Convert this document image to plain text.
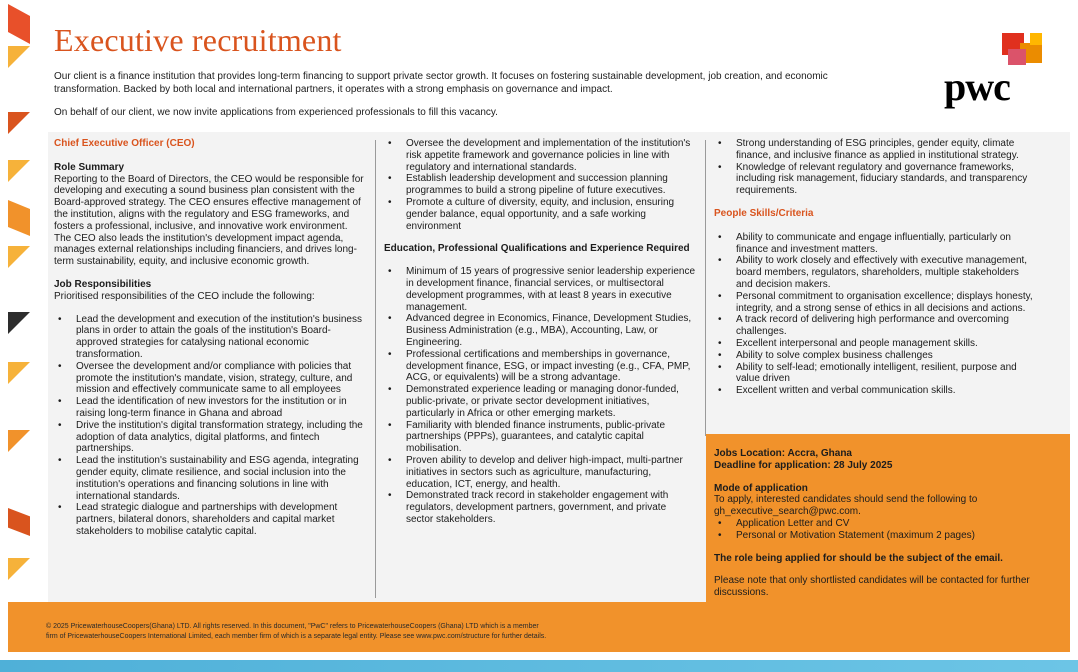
Executive recruitment

Our client is a finance institution that provides long-term financing to support private sector growth. It focuses on fostering sustainable development, job creation, and economic transformation. Backed by both local and international partners, it operates with a strong emphasis on governance and impact.

On behalf of our client, we now invite applications from experienced professionals to fill this vacancy.

pwc
Chief Executive Officer (CEO)
Role Summary

Reporting to the Board of Directors, the CEO would be responsible for developing and executing a sound business plan consistent with the Board-approved strategy. The CEO ensures effective management of the institution, aligns with the regulatory and ESG frameworks, and fosters a professional, inclusive, and innovative work environment. The CEO also leads the institution's development impact agenda, manages external relationships including financiers, and drives long-term sustainability, equity, and inclusive economic growth.

Job Responsibilities

Prioritised responsibilities of the CEO include the following:

• Lead the development and execution of the institution's business plans in order to attain the goals of the institution's Board-approved strategies for catalysing national economic transformation.
• Oversee the development and/or compliance with policies that promote the institution's mandate, vision, strategy, culture, and mission and effectively communicate same to all employees
• Lead the identification of new investors for the institution or in raising long-term finance in Ghana and abroad
• Drive the institution's digital transformation strategy, including the adoption of data analytics, digital platforms, and fintech partnerships.
• Lead the institution's sustainability and ESG agenda, integrating gender equity, climate resilience, and social inclusion into the institution's operations and financing solutions in line with international standards.
• Lead strategic dialogue and partnerships with development partners, bilateral donors, shareholders and capital market stakeholders to mobilise catalytic capital.
• Oversee the development and implementation of the institution's risk appetite framework and governance policies in line with regulatory and international standards.
• Establish leadership development and succession planning programmes to build a strong pipeline of future executives.
• Promote a culture of diversity, equity, and inclusion, ensuring gender balance, equal opportunity, and a safe working environment
Education, Professional Qualifications and Experience Required
• Minimum of 15 years of progressive senior leadership experience in development finance, financial services, or multisectoral development programmes, with at least 8 years in executive management.
• Advanced degree in Economics, Finance, Development Studies, Business Administration (e.g., MBA), Accounting, Law, or Engineering.
• Professional certifications and memberships in governance, development finance, ESG, or impact investing (e.g., CFA, PMP, ACG, or equivalents) will be a strong advantage.
• Demonstrated experience leading or managing donor-funded, public-private, or private sector development initiatives, particularly in Africa or other emerging markets.
• Familiarity with blended finance instruments, public-private partnerships (PPPs), guarantees, and catalytic capital mobilisation.
• Proven ability to develop and deliver high-impact, multi-partner initiatives in sectors such as agriculture, manufacturing, education, ICT, energy, and health.
• Demonstrated track record in stakeholder engagement with regulators, development partners, government, and private sector stakeholders.
• Strong understanding of ESG principles, gender equity, climate finance, and inclusive finance as applied in institutional strategy.
• Knowledge of relevant regulatory and governance frameworks, including risk management, fiduciary standards, and transparency requirements.
People Skills/Criteria
• Ability to communicate and engage influentially, particularly on finance and investment matters.
• Ability to work closely and effectively with executive management, board members, regulators, shareholders, multiple stakeholders and decision makers.
• Personal commitment to organisation excellence; displays honesty, integrity, and a strong sense of ethics in all decisions and actions.
• A track record of delivering high performance and overcoming challenges.
• Excellent interpersonal and people management skills.
• Ability to solve complex business challenges
• Ability to self-lead; emotionally intelligent, resilient, purpose and value driven
• Excellent written and verbal communication skills.
Jobs Location: Accra, Ghana
Deadline for application: 28 July 2025
Mode of application

To apply, interested candidates should send the following to gh_executive_search@pwc.com.

• Application Letter and CV
• Personal or Motivation Statement (maximum 2 pages)

The role being applied for should be the subject of the email.

Please note that only shortlisted candidates will be contacted for further discussions.

© 2025 PricewaterhouseCoopers(Ghana) LTD. All rights reserved. In this document, "PwC" refers to PricewaterhouseCoopers (Ghana) LTD which is a member
firm of PricewaterhouseCoopers International Limited, each member firm of which is a separate legal entity. Please see www.pwc.com/structure for further details.
